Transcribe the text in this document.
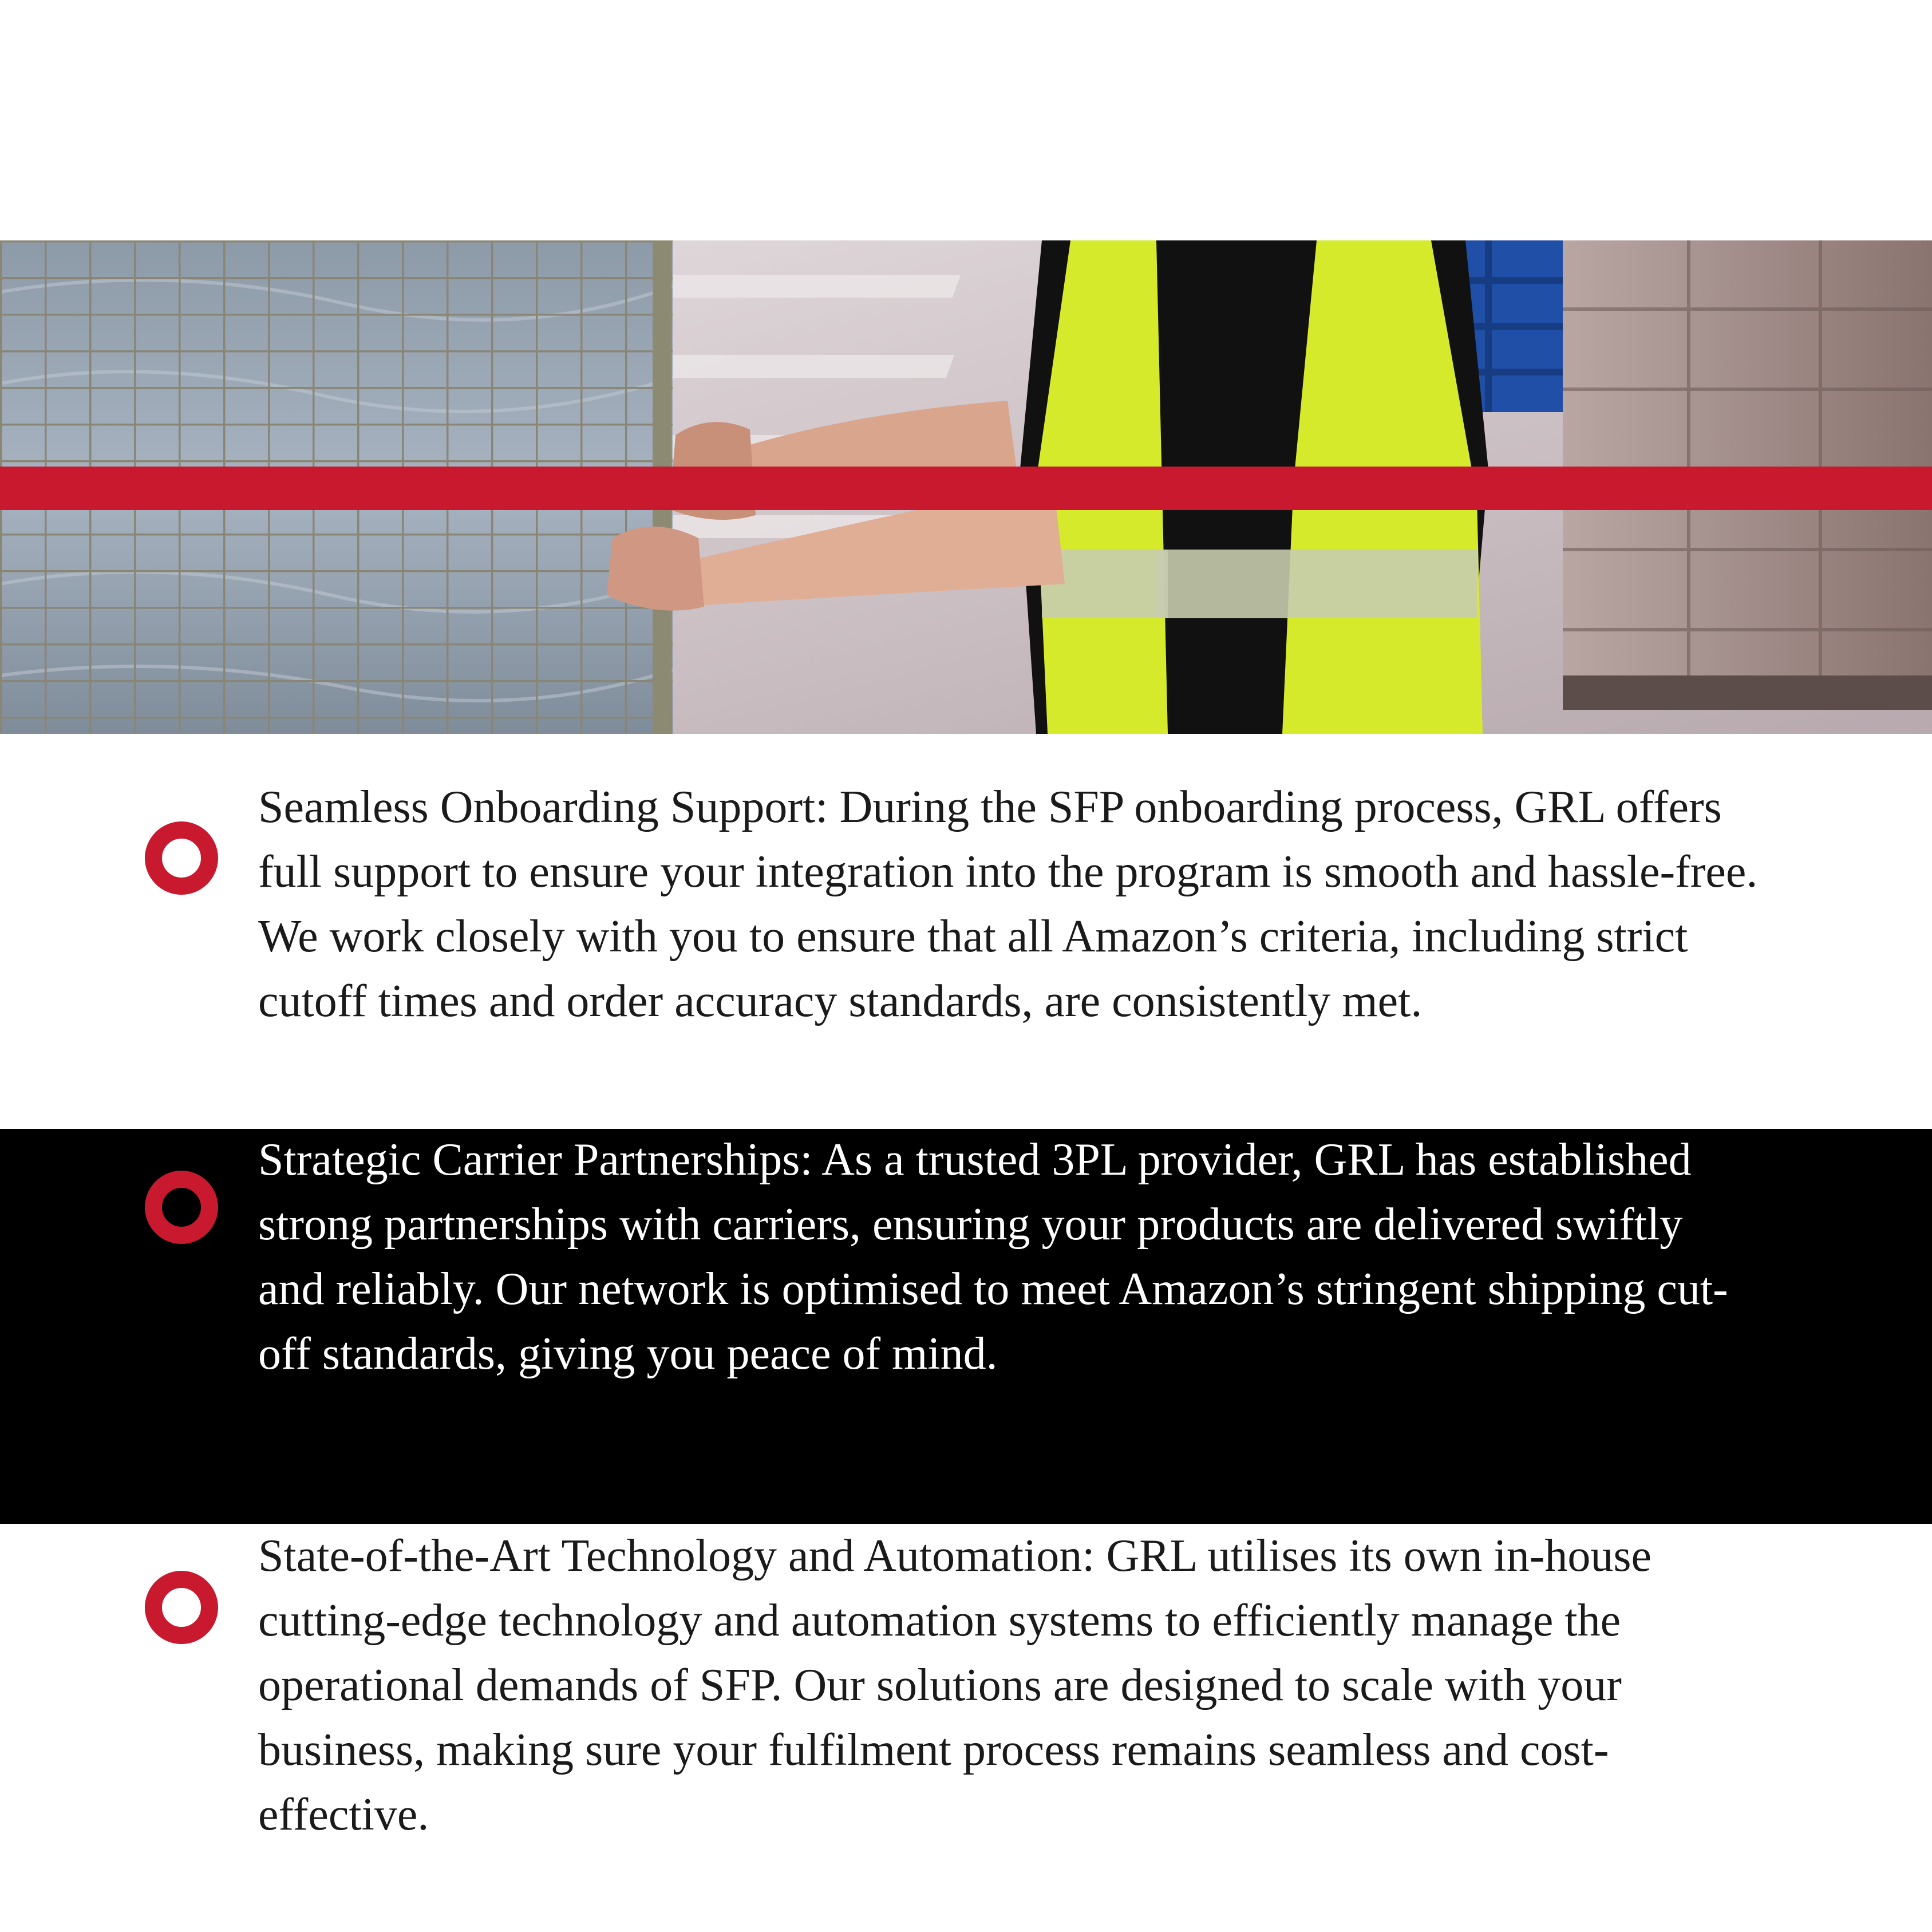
Seamless Onboarding Support: During the SFP onboarding process, GRL offers full support to ensure your integration into the program is smooth and hassle-free. We work closely with you to ensure that all Amazon’s criteria, including strict cutoff times and order accuracy standards, are consistently met.

Strategic Carrier Partnerships: As a trusted 3PL provider, GRL has established strong partnerships with carriers, ensuring your products are delivered swiftly and reliably. Our network is optimised to meet Amazon’s stringent shipping cut-off standards, giving you peace of mind.

State-of-the-Art Technology and Automation: GRL utilises its own in-house cutting-edge technology and automation systems to efficiently manage the operational demands of SFP. Our solutions are designed to scale with your business, making sure your fulfilment process remains seamless and cost-effective.
